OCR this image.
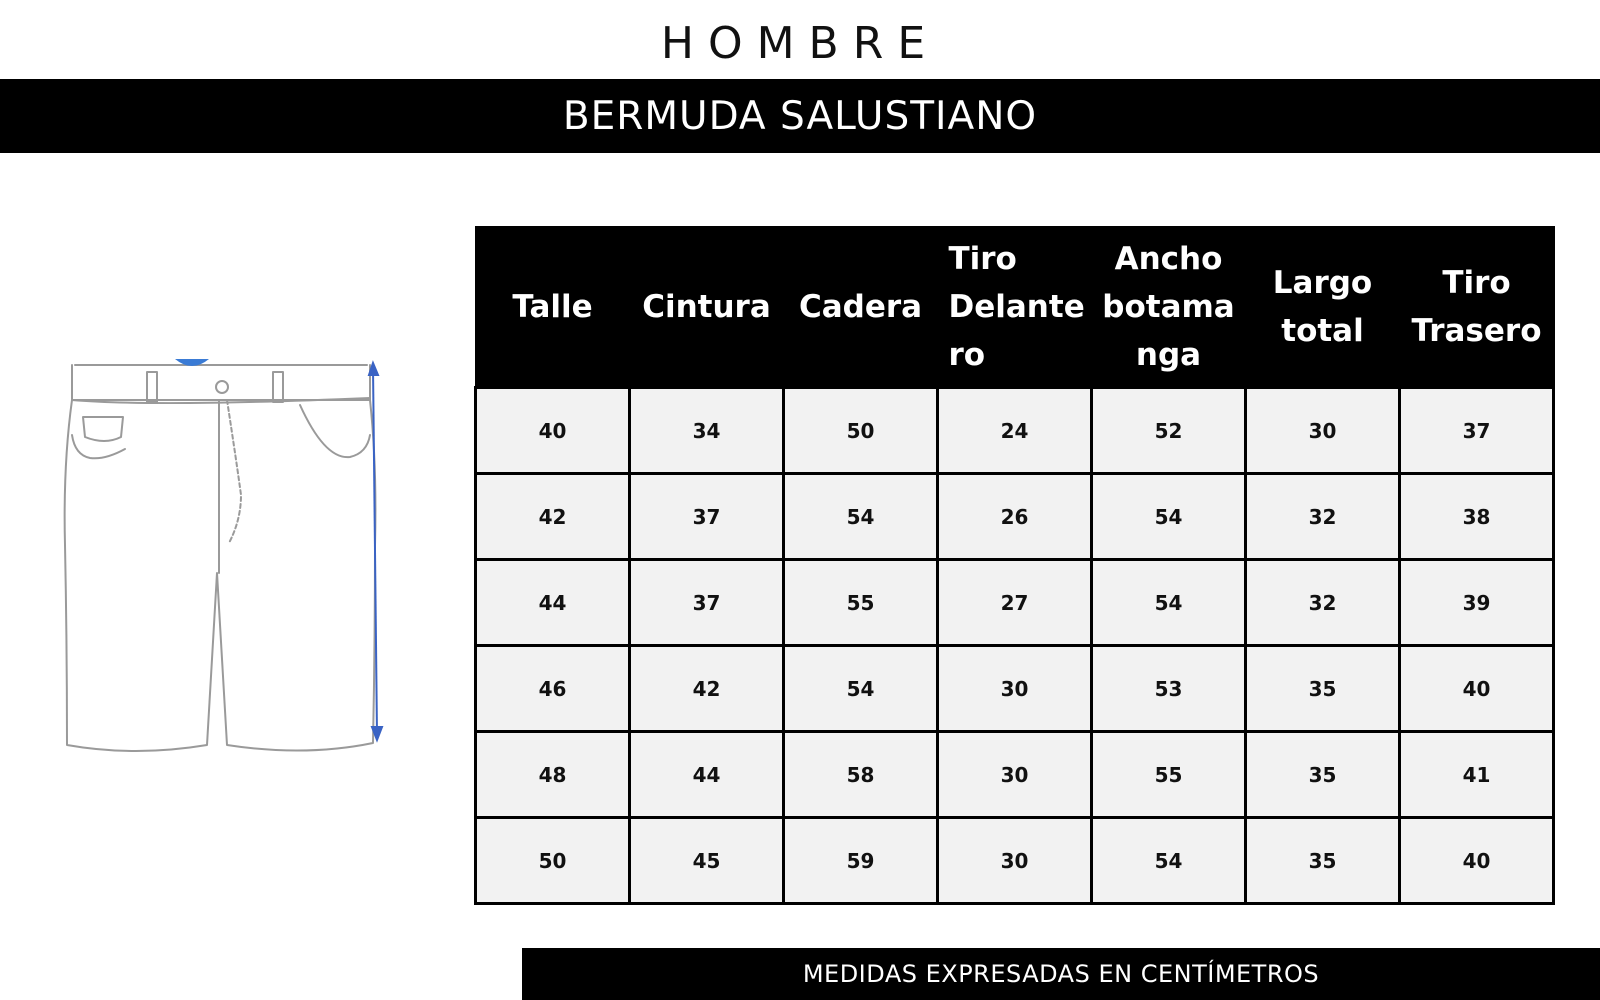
HOMBRE
BERMUDA SALUSTIANO
Talle	Cintura	Cadera	Tiro Delante ro	Ancho botama nga	Largo total	Tiro Trasero
40	34	50	24	52	30	37
42	37	54	26	54	32	38
44	37	55	27	54	32	39
46	42	54	30	53	35	40
48	44	58	30	55	35	41
50	45	59	30	54	35	40
MEDIDAS EXPRESADAS EN CENTÍMETROS
